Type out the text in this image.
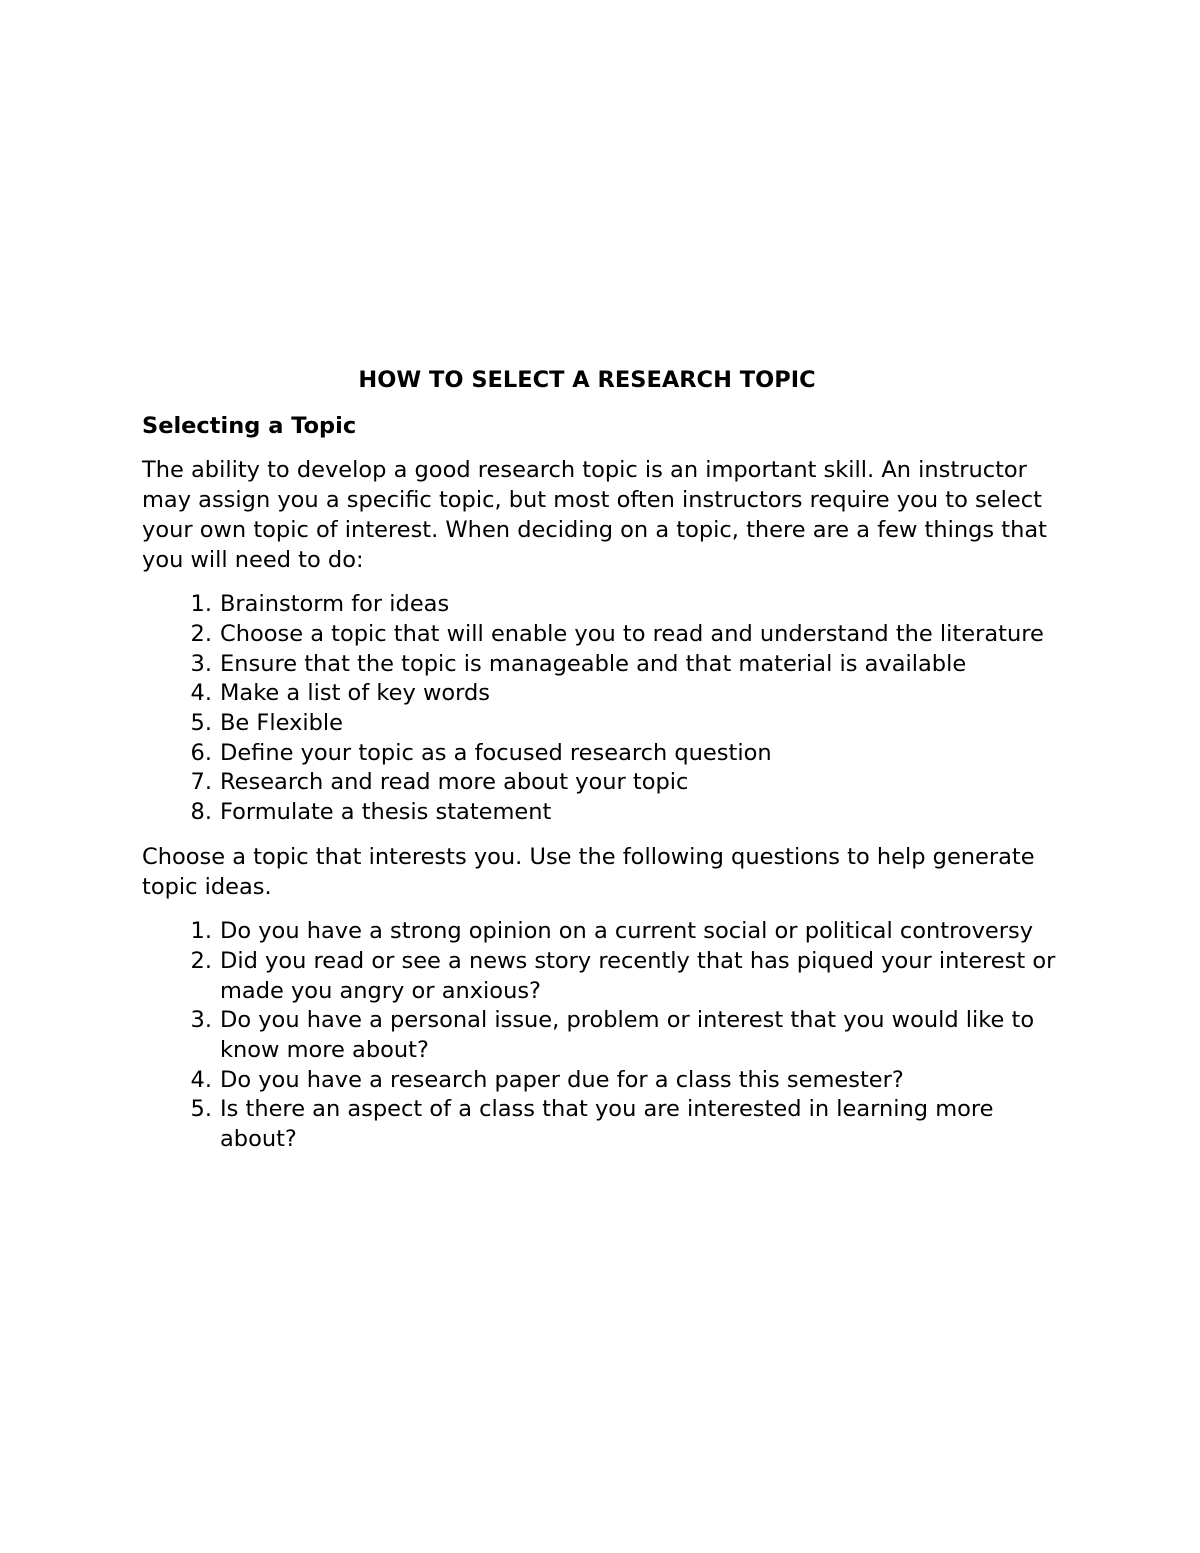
HOW TO SELECT A RESEARCH TOPIC
Selecting a Topic
The ability to develop a good research topic is an important skill. An instructor may assign you a specific topic, but most often instructors require you to select your own topic of interest. When deciding on a topic, there are a few things that you will need to do:
1. Brainstorm for ideas
2. Choose a topic that will enable you to read and understand the literature
3. Ensure that the topic is manageable and that material is available
4. Make a list of key words
5. Be Flexible
6. Define your topic as a focused research question
7. Research and read more about your topic
8. Formulate a thesis statement
Choose a topic that interests you. Use the following questions to help generate topic ideas.
1. Do you have a strong opinion on a current social or political controversy
2. Did you read or see a news story recently that has piqued your interest or made you angry or anxious?
3. Do you have a personal issue, problem or interest that you would like to know more about?
4. Do you have a research paper due for a class this semester?
5. Is there an aspect of a class that you are interested in learning more about?
